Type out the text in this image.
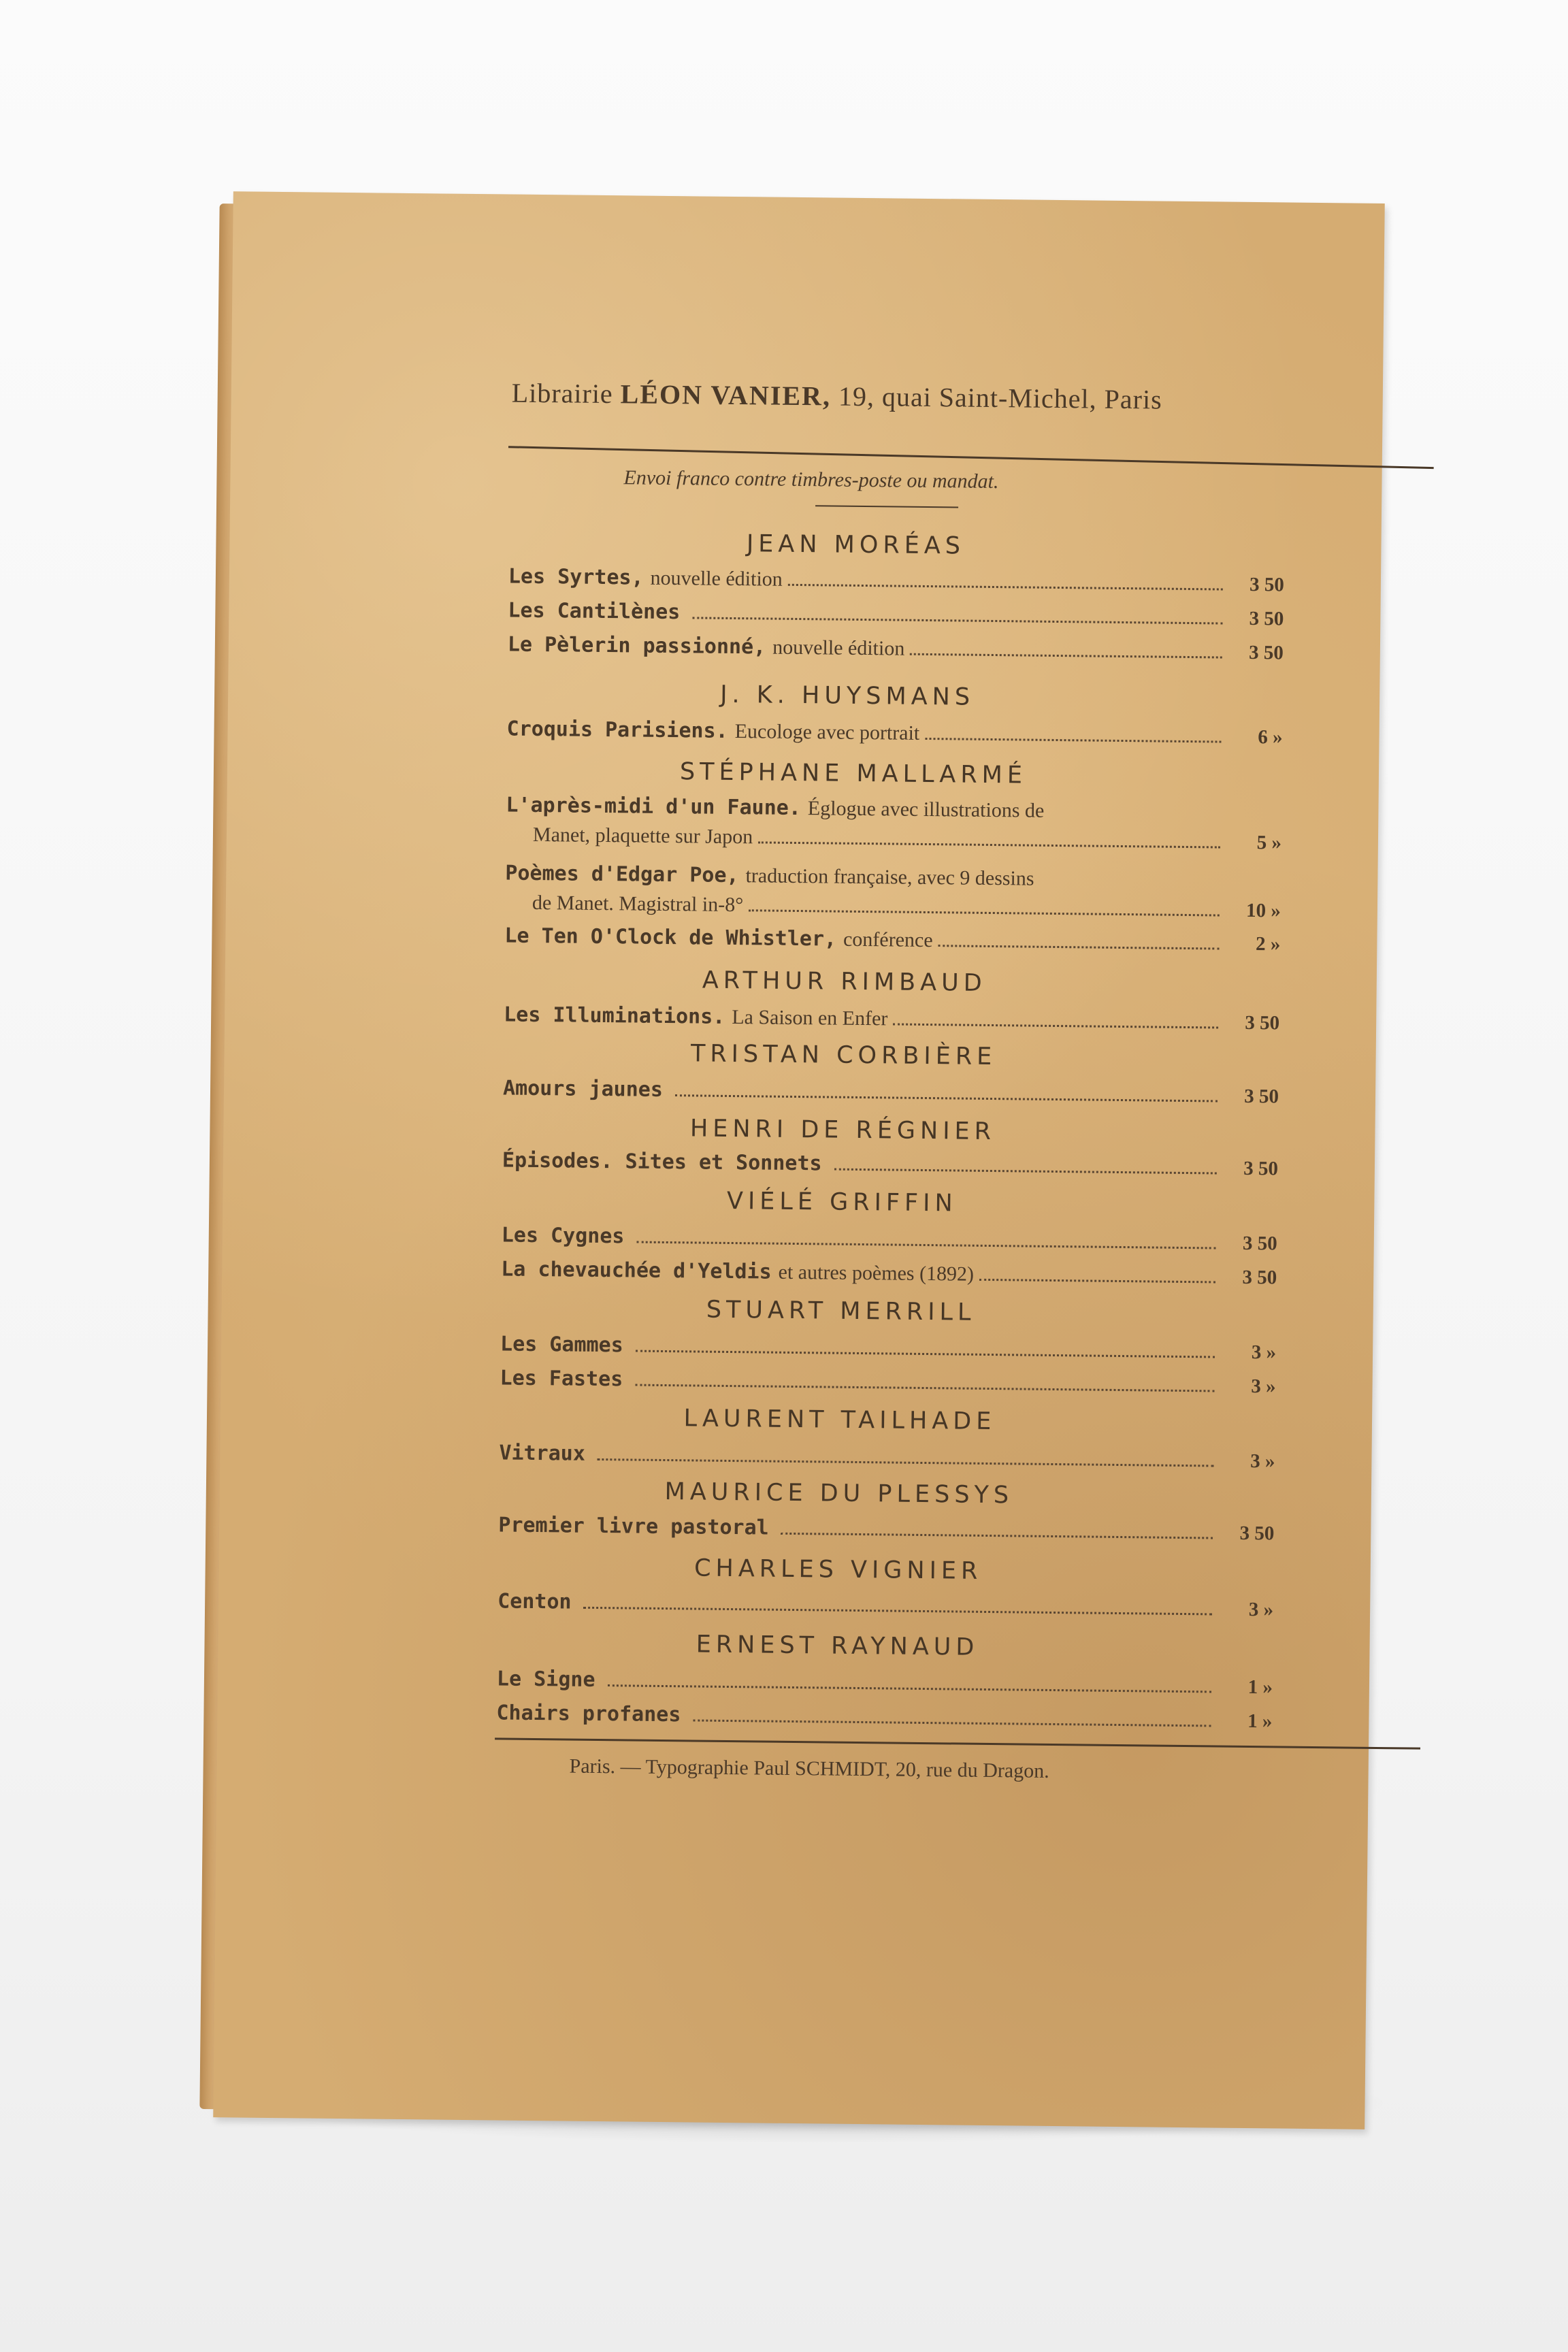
Librairie LÉON VANIER, 19, quai Saint-Michel, Paris
Envoi franco contre timbres-poste ou mandat.
JEAN MORÉAS
Les Syrtes, nouvelle édition	3 50
Les Cantilènes	3 50
Le Pèlerin passionné, nouvelle édition	3 50
J. K. HUYSMANS
Croquis Parisiens. Eucologe avec portrait	6 »
STÉPHANE MALLARMÉ
L'après-midi d'un Faune. Églogue avec illustrations de
Manet, plaquette sur Japon	5 »
Poèmes d'Edgar Poe, traduction française, avec 9 dessins
de Manet. Magistral in-8°	10 »
Le Ten O'Clock de Whistler, conférence	2 »
ARTHUR RIMBAUD
Les Illuminations. La Saison en Enfer	3 50
TRISTAN CORBIÈRE
Amours jaunes	3 50
HENRI DE RÉGNIER
Épisodes. Sites et Sonnets	3 50
VIÉLÉ GRIFFIN
Les Cygnes	3 50
La chevauchée d'Yeldis et autres poèmes (1892)	3 50
STUART MERRILL
Les Gammes	3 »
Les Fastes	3 »
LAURENT TAILHADE
Vitraux	3 »
MAURICE DU PLESSYS
Premier livre pastoral	3 50
CHARLES VIGNIER
Centon	3 »
ERNEST RAYNAUD
Le Signe	1 »
Chairs profanes	1 »
Paris. — Typographie Paul SCHMIDT, 20, rue du Dragon.
